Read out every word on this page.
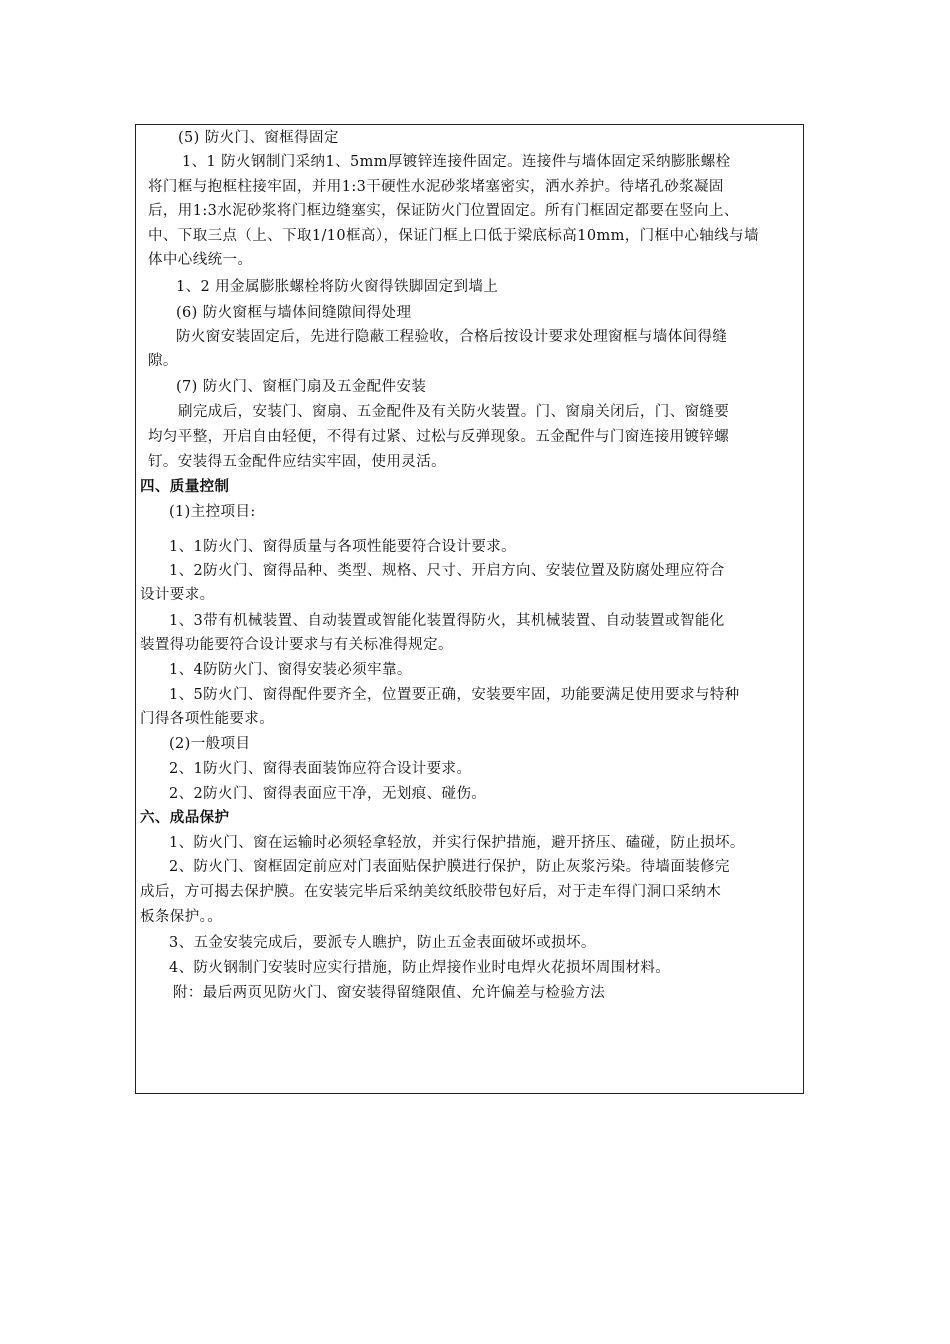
(5) 防火门、窗框得固定
1、1 防火钢制门采纳1、5mm厚镀锌连接件固定。连接件与墙体固定采纳膨胀螺栓
将门框与抱框柱接牢固，并用1:3干硬性水泥砂浆堵塞密实，洒水养护。待堵孔砂浆凝固
后，用1:3水泥砂浆将门框边缝塞实，保证防火门位置固定。所有门框固定都要在竖向上、
中、下取三点（上、下取1/10框高），保证门框上口低于梁底标高10mm，门框中心轴线与墙
体中心线统一。
1、2 用金属膨胀螺栓将防火窗得铁脚固定到墙上
(6) 防火窗框与墙体间缝隙间得处理
防火窗安装固定后，先进行隐蔽工程验收，合格后按设计要求处理窗框与墙体间得缝
隙。
(7) 防火门、窗框门扇及五金配件安装
刷完成后，安装门、窗扇、五金配件及有关防火装置。门、窗扇关闭后，门、窗缝要
均匀平整，开启自由轻便，不得有过紧、过松与反弹现象。五金配件与门窗连接用镀锌螺
钉。安装得五金配件应结实牢固，使用灵活。
四、质量控制
(1)主控项目:
1、1防火门、窗得质量与各项性能要符合设计要求。
1、2防火门、窗得品种、类型、规格、尺寸、开启方向、安装位置及防腐处理应符合
设计要求。
1、3带有机械装置、自动装置或智能化装置得防火，其机械装置、自动装置或智能化
装置得功能要符合设计要求与有关标准得规定。
1、4防防火门、窗得安装必须牢靠。
1、5防火门、窗得配件要齐全，位置要正确，安装要牢固，功能要满足使用要求与特种
门得各项性能要求。
(2)一般项目
2、1防火门、窗得表面装饰应符合设计要求。
2、2防火门、窗得表面应干净，无划痕、碰伤。
六、成品保护
1、防火门、窗在运输时必须轻拿轻放，并实行保护措施，避开挤压、磕碰，防止损坏。
2、防火门、窗框固定前应对门表面贴保护膜进行保护，防止灰浆污染。待墙面装修完
成后，方可揭去保护膜。在安装完毕后采纳美纹纸胶带包好后，对于走车得门洞口采纳木
板条保护。。
3、五金安装完成后，要派专人瞧护，防止五金表面破坏或损坏。
4、防火钢制门安装时应实行措施，防止焊接作业时电焊火花损坏周围材料。
附：最后两页见防火门、窗安装得留缝限值、允许偏差与检验方法
